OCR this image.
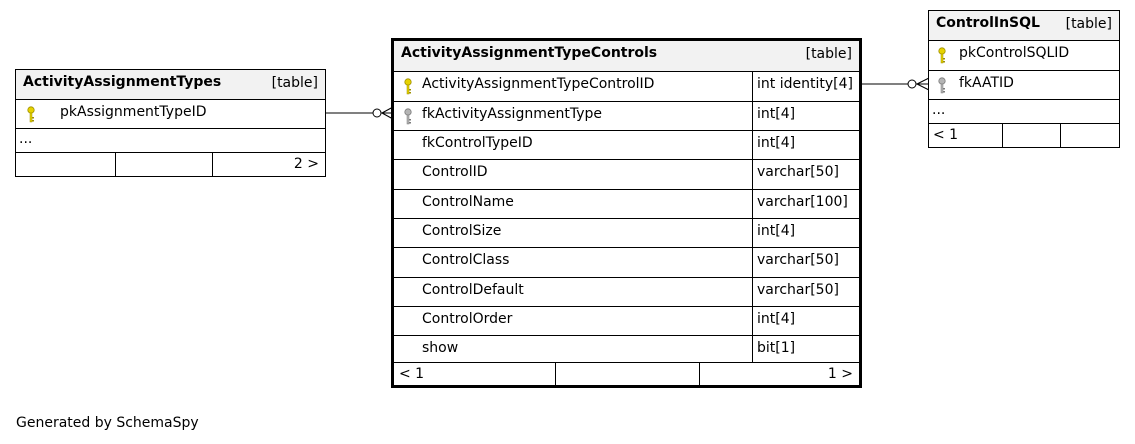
ActivityAssignmentTypes	[table]
pkAssignmentTypeID
...
2 >
ActivityAssignmentTypeControls	[table]
ActivityAssignmentTypeControlID	int identity[4]
fkActivityAssignmentType	int[4]
fkControlTypeID	int[4]
ControlID	varchar[50]
ControlName	varchar[100]
ControlSize	int[4]
ControlClass	varchar[50]
ControlDefault	varchar[50]
ControlOrder	int[4]
show	bit[1]
< 1	1 >
ControlInSQL [table]
pkControlSQLID
fkAATID
...
< 1
Generated by SchemaSpy
